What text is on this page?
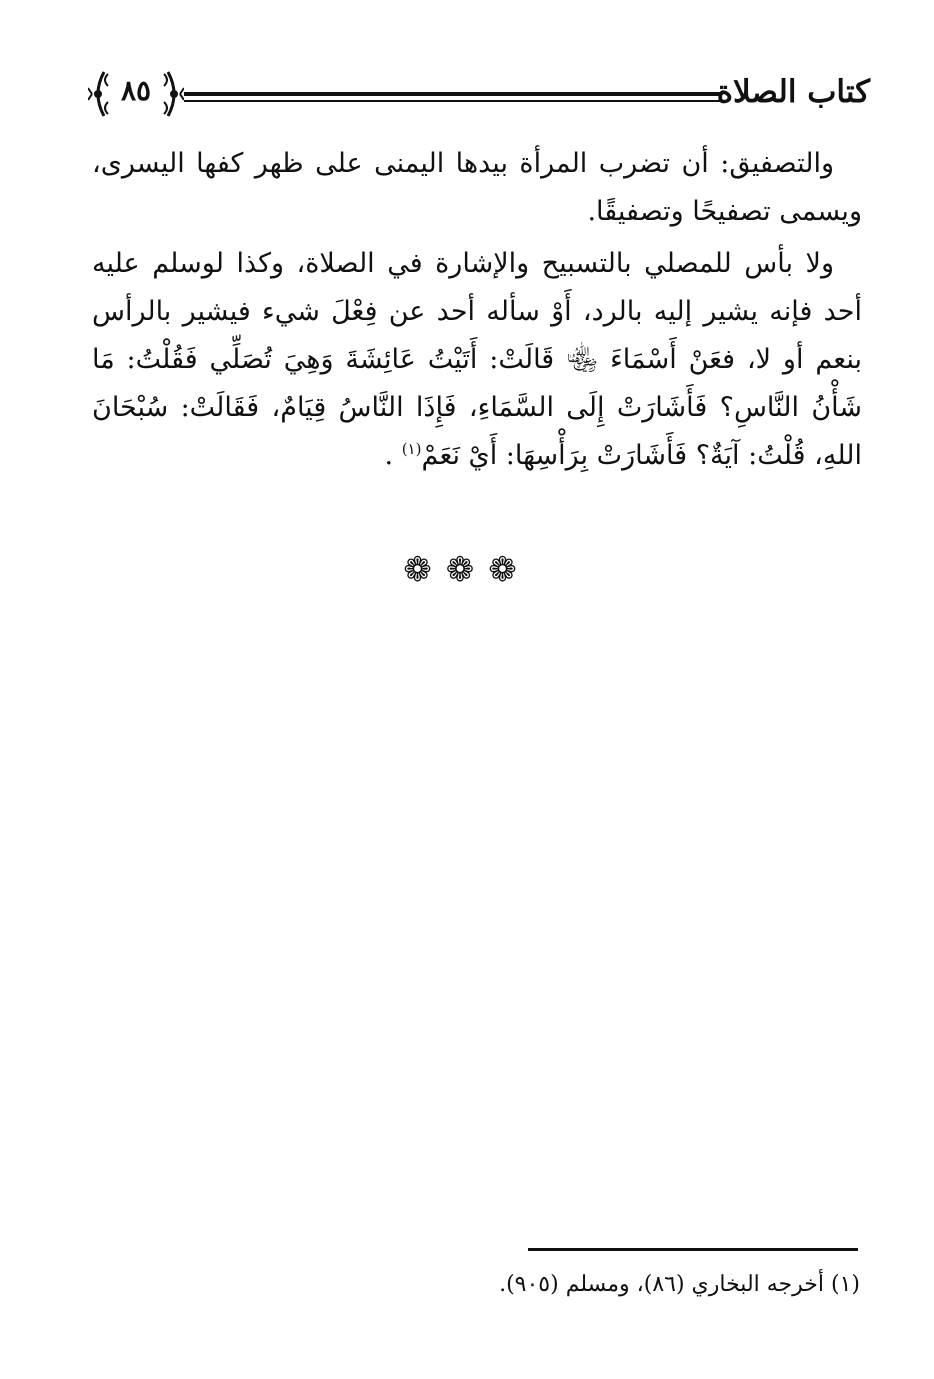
٨٥	كتاب الصلاة

والتصفيق: أن تضرب المرأة بيدها اليمنى على ظهر كفها اليسرى، ويسمى تصفيحًا وتصفيقًا.

ولا بأس للمصلي بالتسبيح والإشارة في الصلاة، وكذا لوسلم عليه أحد فإنه يشير إليه بالرد، أَوْ سأله أحد عن فِعْلَ شيء فيشير بالرأس بنعم أو لا، فعَنْ أَسْمَاءَ ﵄ قَالَتْ: أَتَيْتُ عَائِشَةَ وَهِيَ تُصَلِّي فَقُلْتُ: مَا شَأْنُ النَّاسِ؟ فَأَشَارَتْ إِلَى السَّمَاءِ، فَإِذَا النَّاسُ قِيَامٌ، فَقَالَتْ: سُبْحَانَ اللهِ، قُلْتُ: آيَةٌ؟ فَأَشَارَتْ بِرَأْسِهَا: أَيْ نَعَمْ$^{(١)}$ .

❁❁❁
(١) أخرجه البخاري (٨٦)، ومسلم (٩٠٥).
